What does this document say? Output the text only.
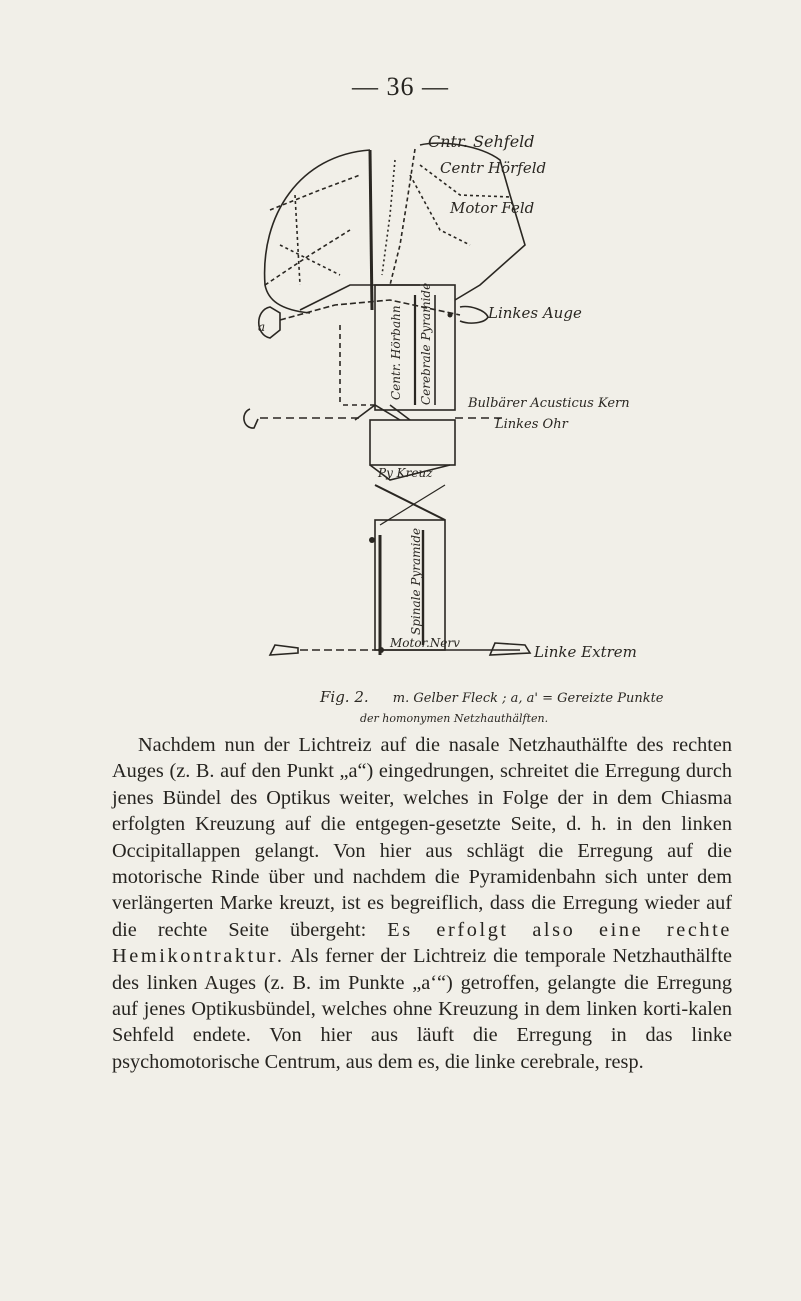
— 36 —
Cntr. Sehfeld
Centr Hörfeld
Motor Feld
Linkes Auge
Bulbärer Acusticus Kern
Linkes Ohr
Py Kreuz
Motor.Nerv	Linke Extrem
a	Centr. Hörbahn Cerebrale Pyramide
Spinale Pyramide
Fig. 2. m. Gelber Fleck ; a, a' = Gereizte Punkte
der homonymen Netzhauthälften.

Nachdem nun der Lichtreiz auf die nasale Netzhauthälfte des rechten Auges (z. B. auf den Punkt „a“) eingedrungen, schreitet die Erregung durch jenes Bündel des Optikus weiter, welches in Folge der in dem Chiasma erfolgten Kreuzung auf die entgegen-gesetzte Seite, d. h. in den linken Occipitallappen gelangt. Von hier aus schlägt die Erregung auf die motorische Rinde über und nachdem die Pyramidenbahn sich unter dem verlängerten Marke kreuzt, ist es begreiflich, dass die Erregung wieder auf die rechte Seite übergeht: Es erfolgt also eine rechte Hemikontraktur. Als ferner der Lichtreiz die temporale Netzhauthälfte des linken Auges (z. B. im Punkte „a‘“) getroffen, gelangte die Erregung auf jenes Optikusbündel, welches ohne Kreuzung in dem linken korti-kalen Sehfeld endete. Von hier aus läuft die Erregung in das linke psychomotorische Centrum, aus dem es, die linke cerebrale, resp.
